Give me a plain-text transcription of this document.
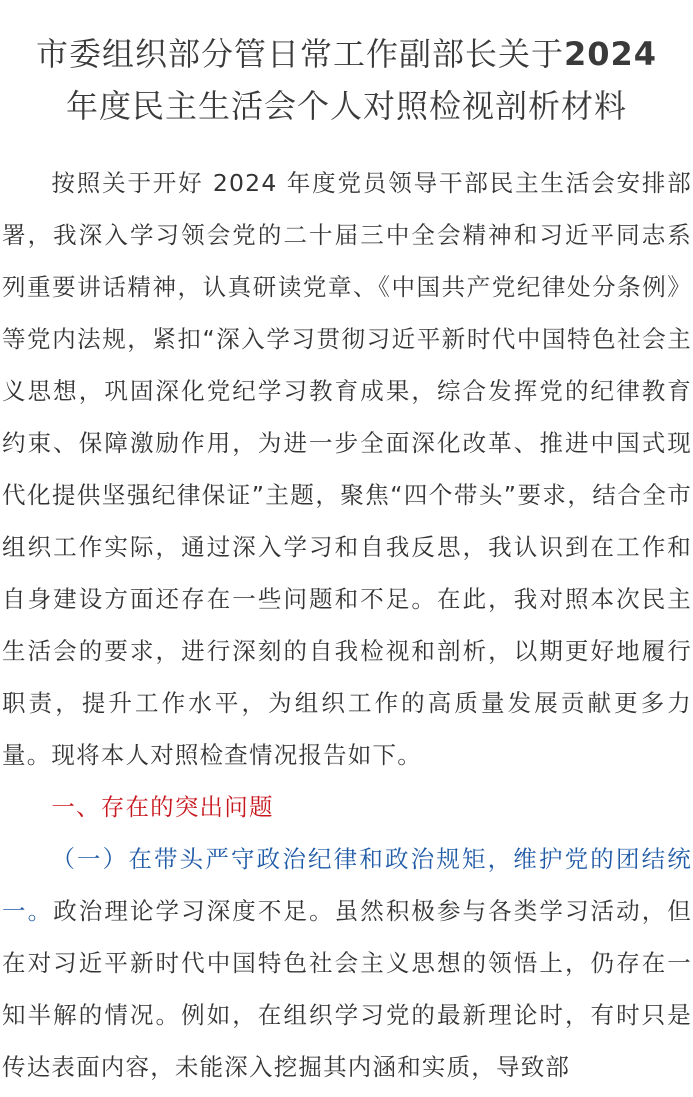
市委组织部分管日常工作副部长关于2024
年度民主生活会个人对照检视剖析材料

按照关于开好 2024 年度党员领导干部民主生活会安排部署，我深入学习领会党的二十届三中全会精神和习近平同志系列重要讲话精神，认真研读党章、《中国共产党纪律处分条例》等党内法规，紧扣“深入学习贯彻习近平新时代中国特色社会主义思想，巩固深化党纪学习教育成果，综合发挥党的纪律教育约束、保障激励作用，为进一步全面深化改革、推进中国式现代化提供坚强纪律保证”主题，聚焦“四个带头”要求，结合全市组织工作实际，通过深入学习和自我反思，我认识到在工作和自身建设方面还存在一些问题和不足。在此，我对照本次民主生活会的要求，进行深刻的自我检视和剖析，以期更好地履行职责，提升工作水平，为组织工作的高质量发展贡献更多力量。现将本人对照检查情况报告如下。

一、存在的突出问题

（一）在带头严守政治纪律和政治规矩，维护党的团结统一。政治理论学习深度不足。虽然积极参与各类学习活动，但在对习近平新时代中国特色社会主义思想的领悟上，仍存在一知半解的情况。例如，在组织学习党的最新理论时，有时只是传达表面内容，未能深入挖掘其内涵和实质，导致部
